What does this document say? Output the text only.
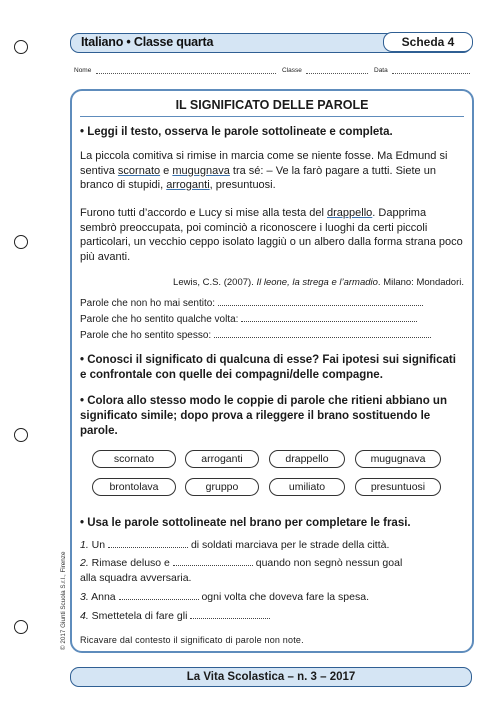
Italiano • Classe quarta	Scheda 4
Nome	Classe	Data
IL SIGNIFICATO DELLE PAROLE
• Leggi il testo, osserva le parole sottolineate e completa.
La piccola comitiva si rimise in marcia come se niente fosse. Ma Edmund si sentiva scornato e mugugnava tra sé: – Ve la farò pagare a tutti. Siete un branco di stupidi, arroganti, presuntuosi.
Furono tutti d’accordo e Lucy si mise alla testa del drappello. Dapprima sembrò preoccupata, poi cominciò a riconoscere i luoghi da certi piccoli particolari, un vecchio ceppo isolato laggiù o un albero dalla forma strana poco più avanti.
Lewis, C.S. (2007). Il leone, la strega e l’armadio. Milano: Mondadori.
Parole che non ho mai sentito:
Parole che ho sentito qualche volta:
Parole che ho sentito spesso:
• Conosci il significato di qualcuna di esse? Fai ipotesi sui significati e confrontale con quelle dei compagni/delle compagne.
• Colora allo stesso modo le coppie di parole che ritieni abbiano un significato simile; dopo prova a rileggere il brano sostituendo le parole.
scornato	arroganti	drappello	mugugnava
brontolava	gruppo	umiliato	presuntuosi
• Usa le parole sottolineate nel brano per completare le frasi.
1. Un	di soldati marciava per le strade della città.
2. Rimase deluso e	quando non segnò nessun goal
alla squadra avversaria.
3. Anna	ogni volta che doveva fare la spesa.
4. Smettetela di fare gli
Ricavare dal contesto il significato di parole non note.
© 2017 Giunti Scuola S.r.l., Firenze
La Vita Scolastica – n. 3 – 2017
